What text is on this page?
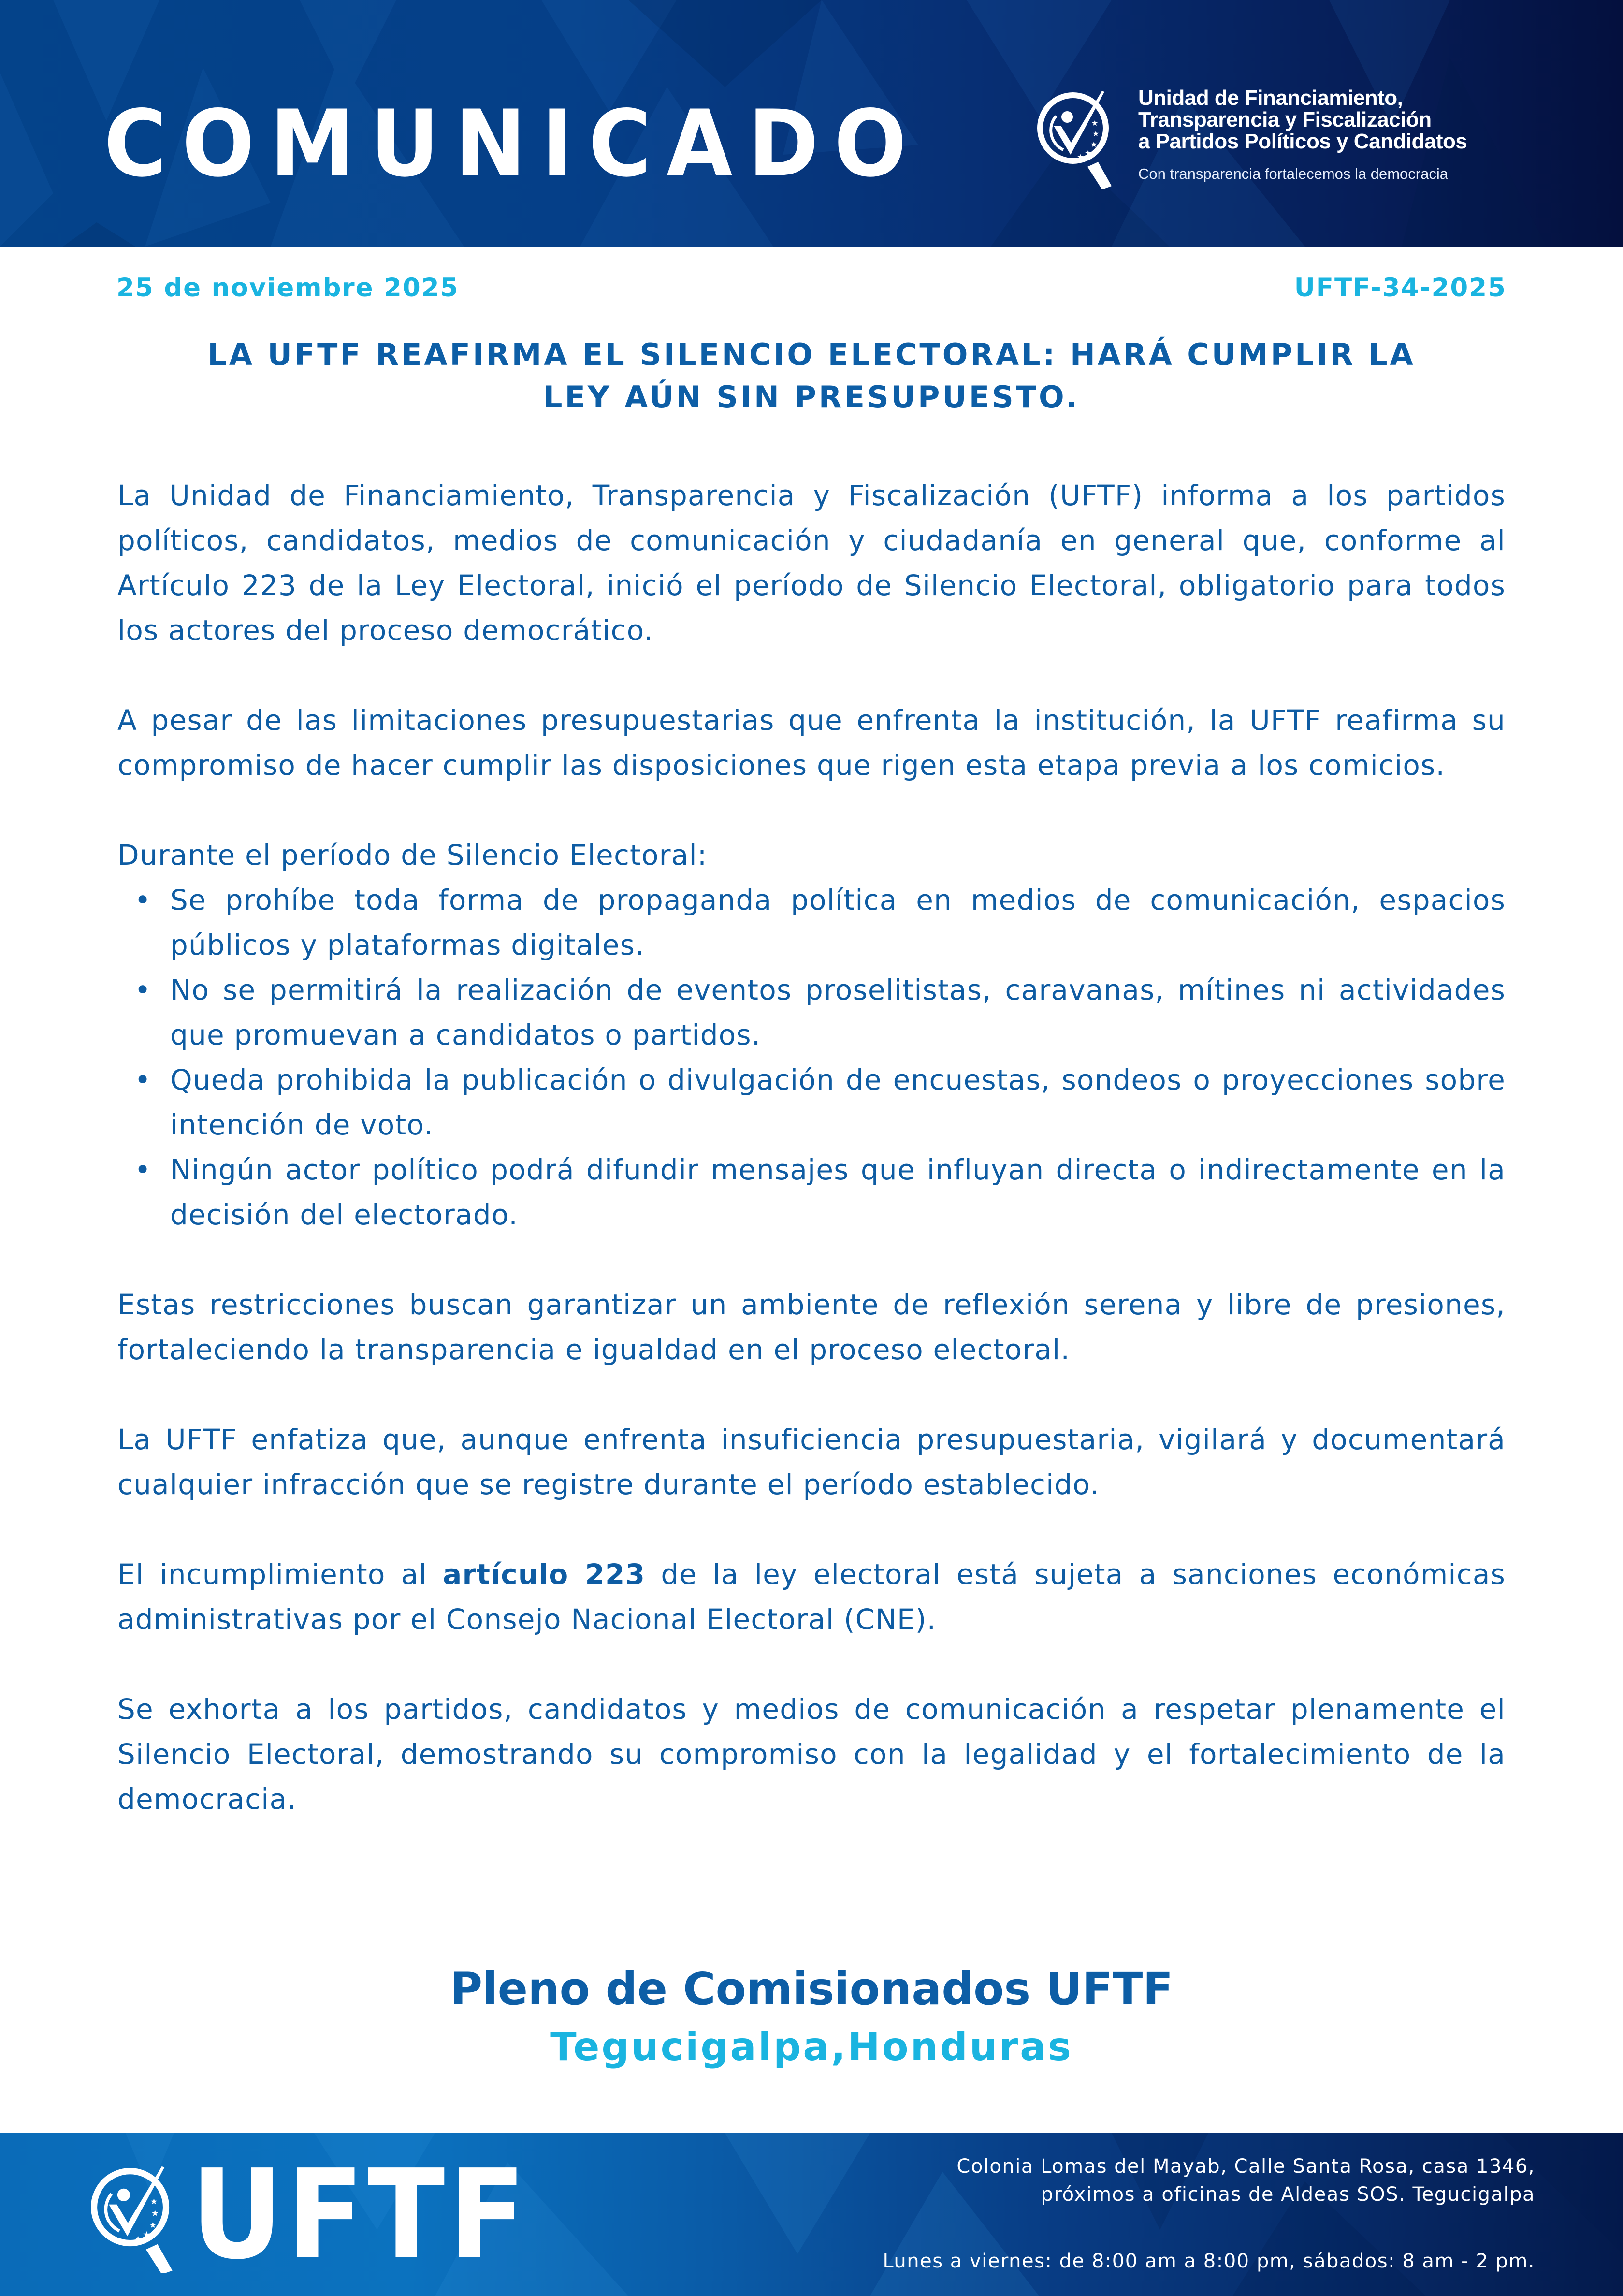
COMUNICADO	★
★
★
★
★
Unidad de Financiamiento,
Transparencia y Fiscalización
a Partidos Políticos y Candidatos
Con transparencia fortalecemos la democracia
25 de noviembre 2025	UFTF-34-2025
LA UFTF REAFIRMA EL SILENCIO ELECTORAL: HARÁ CUMPLIR LA
LEY AÚN SIN PRESUPUESTO.

La Unidad de Financiamiento, Transparencia y Fiscalización (UFTF) informa a los partidos políticos, candidatos, medios de comunicación y ciudadanía en general que, conforme al Artículo 223 de la Ley Electoral, inició el período de Silencio Electoral, obligatorio para todos los actores del proceso democrático.

A pesar de las limitaciones presupuestarias que enfrenta la institución, la UFTF reafirma su compromiso de hacer cumplir las disposiciones que rigen esta etapa previa a los comicios.

Durante el período de Silencio Electoral:

• Se prohíbe toda forma de propaganda política en medios de comunicación, espacios públicos y plataformas digitales.
• No se permitirá la realización de eventos proselitistas, caravanas, mítines ni actividades que promuevan a candidatos o partidos.
• Queda prohibida la publicación o divulgación de encuestas, sondeos o proyecciones sobre intención de voto.
• Ningún actor político podrá difundir mensajes que influyan directa o indirectamente en la decisión del electorado.

Estas restricciones buscan garantizar un ambiente de reflexión serena y libre de presiones, fortaleciendo la transparencia e igualdad en el proceso electoral.

La UFTF enfatiza que, aunque enfrenta insuficiencia presupuestaria, vigilará y documentará cualquier infracción que se registre durante el período establecido.

El incumplimiento al artículo 223 de la ley electoral está sujeta a sanciones económicas administrativas por el Consejo Nacional Electoral (CNE).

Se exhorta a los partidos, candidatos y medios de comunicación a respetar plenamente el Silencio Electoral, demostrando su compromiso con la legalidad y el fortalecimiento de la democracia.

Pleno de Comisionados UFTF
Tegucigalpa,Honduras
★
★
★
★
★ UFTF	Colonia Lomas del Mayab, Calle Santa Rosa, casa 1346,
próximos a oficinas de Aldeas SOS. Tegucigalpa
Lunes a viernes: de 8:00 am a 8:00 pm, sábados: 8 am - 2 pm.
